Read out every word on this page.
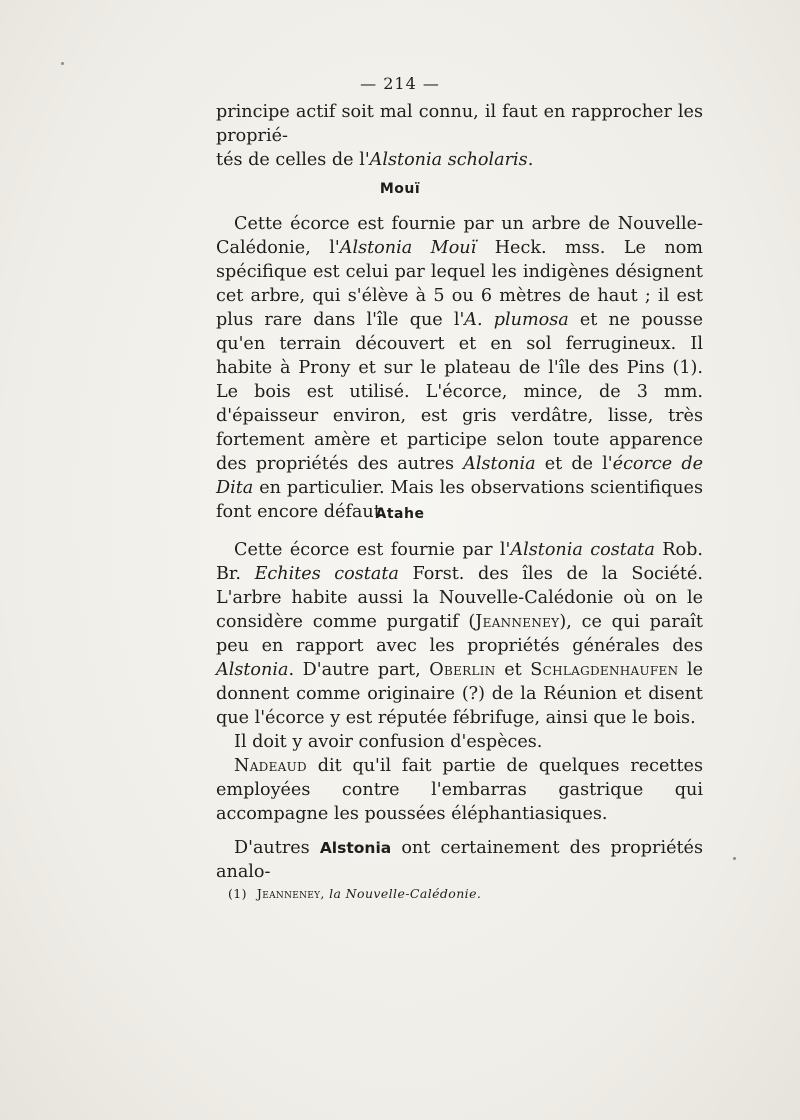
— 214 —

principe actif soit mal connu, il faut en rapprocher les proprié-

tés de celles de l'Alstonia scholaris.

Mouï

Cette écorce est fournie par un arbre de Nouvelle-Calédonie, l'Alstonia Mouï Heck. mss. Le nom spécifique est celui par lequel les indigènes désignent cet arbre, qui s'élève à 5 ou 6 mètres de haut ; il est plus rare dans l'île que l'A. plumosa et ne pousse qu'en terrain découvert et en sol ferrugineux. Il habite à Prony et sur le plateau de l'île des Pins (1). Le bois est utilisé. L'écorce, mince, de 3 mm. d'épaisseur environ, est gris verdâtre, lisse, très fortement amère et participe selon toute apparence des propriétés des autres Alstonia et de l'écorce de Dita en particulier. Mais les observations scientifiques font encore défaut.

Atahe

Cette écorce est fournie par l'Alstonia costata Rob. Br. Echites costata Forst. des îles de la Société. L'arbre habite aussi la Nouvelle-Calédonie où on le considère comme purgatif (Jeanneney), ce qui paraît peu en rapport avec les propriétés générales des Alstonia. D'autre part, Oberlin et Schlagdenhaufen le donnent comme originaire (?) de la Réunion et disent que l'écorce y est réputée fébrifuge, ainsi que le bois.

Il doit y avoir confusion d'espèces.

Nadeaud dit qu'il fait partie de quelques recettes employées contre l'embarras gastrique qui accompagne les poussées éléphantiasiques.

D'autres Alstonia ont certainement des propriétés analo-

(1) Jeanneney, la Nouvelle-Calédonie.
